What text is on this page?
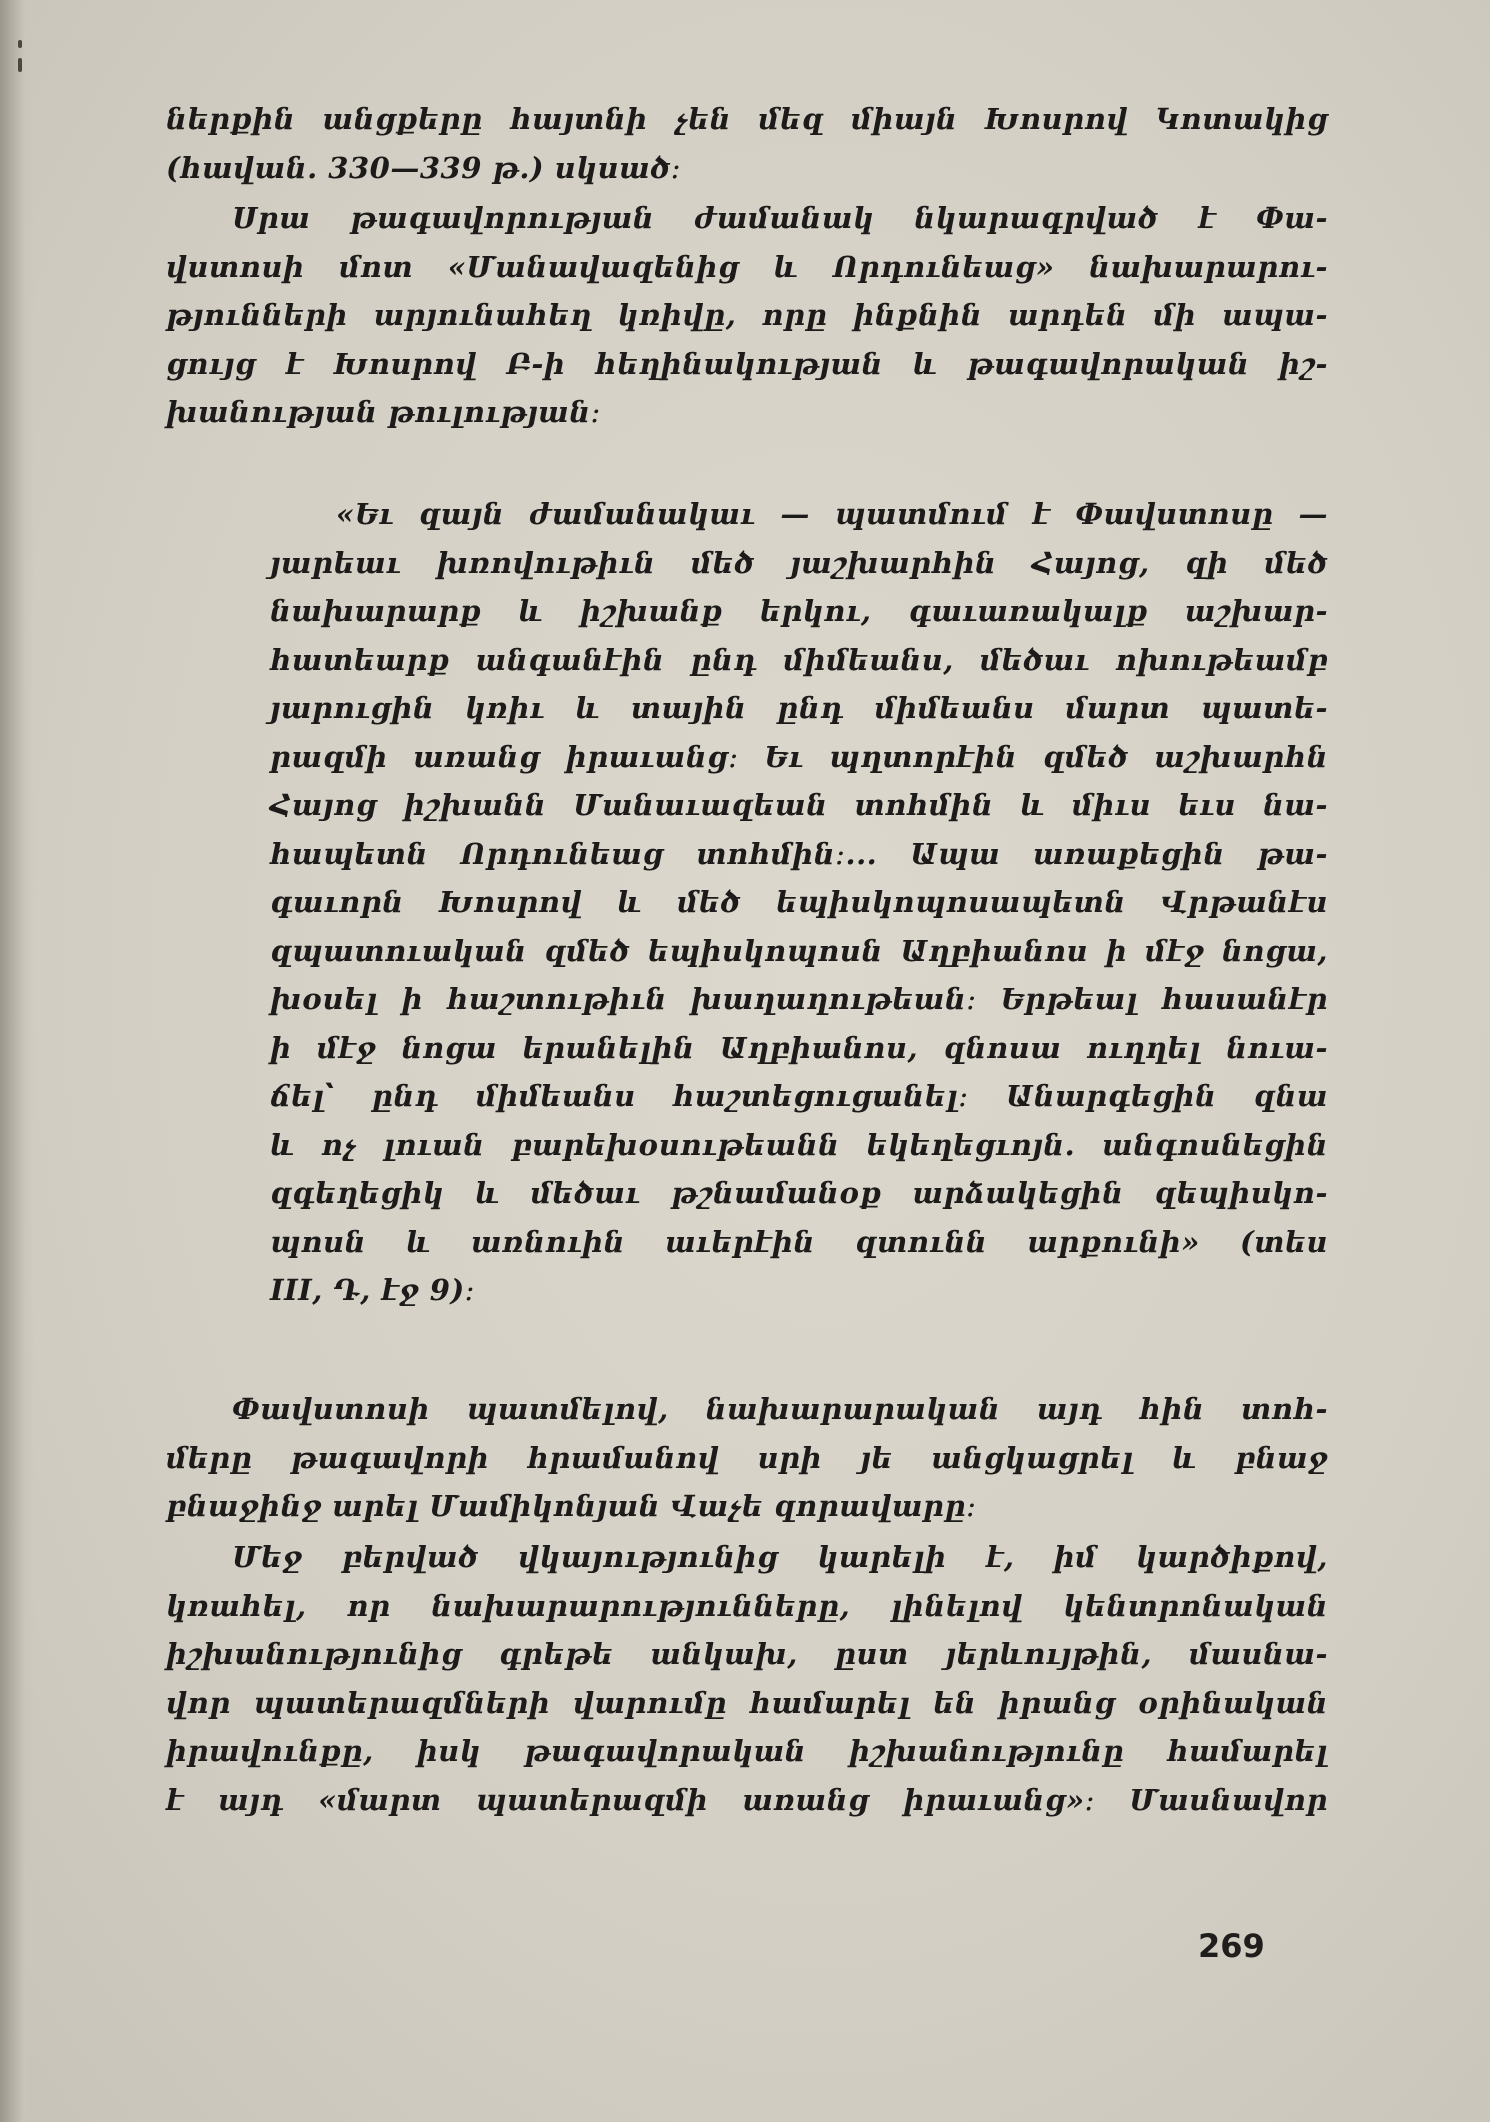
ներքին անցքերը հայտնի չեն մեզ միայն Խոսրով Կոտակից

(հավան. 330—339 թ.) սկսած։

Սրա թագավորության ժամանակ նկարագրված է Փա-

վստոսի մոտ «Մանավազենից և Որդունեաց» նախարարու-

թյունների արյունահեղ կռիվը, որը ինքնին արդեն մի ապա-

ցույց է Խոսրով Բ-ի հեղինակության և թագավորական իշ-

խանության թուլության։

«Եւ զայն ժամանակաւ — պատմում է Փավստոսը —

յարեաւ խռովութիւն մեծ յաշխարհին Հայոց, զի մեծ

նախարարք և իշխանք երկու, գաւառակալք աշխար-

հատեարք անգանէին ընդ միմեանս, մեծաւ ոխութեամբ

յարուցին կռիւ և տային ընդ միմեանս մարտ պատե-

րազմի առանց իրաւանց։ Եւ պղտորէին զմեծ աշխարհն

Հայոց իշխանն Մանաւազեան տոհմին և միւս եւս նա-

հապետն Որդունեաց տոհմին։... Ապա առաքեցին թա-

գաւորն Խոսրով և մեծ եպիսկոպոսապետն Վրթանէս

զպատուական զմեծ եպիսկոպոսն Աղբիանոս ի մէջ նոցա,

խօսել ի հաշտութիւն խաղաղութեան։ Երթեալ հասանէր

ի մէջ նոցա երանելին Աղբիանոս, զնոսա ուղղել նուա-

ճել՝ ընդ միմեանս հաշտեցուցանել։ Անարգեցին զնա

և ոչ լուան բարեխօսութեանն եկեղեցւոյն. անգոսնեցին

զգեղեցիկ և մեծաւ թշնամանօք արձակեցին զեպիսկո-

պոսն և առնուին աւերէին զտունն արքունի» (տես

III, Դ, էջ 9)։

Փավստոսի պատմելով, նախարարական այդ հին տոհ-

մերը թագավորի հրամանով սրի յե անցկացրել և բնաջ

բնաջինջ արել Մամիկոնյան Վաչե զորավարը։

Մեջ բերված վկայությունից կարելի է, իմ կարծիքով,

կռահել, որ նախարարությունները, լինելով կենտրոնական

իշխանությունից գրեթե անկախ, ըստ յերևույթին, մասնա-

վոր պատերազմների վարումը համարել են իրանց օրինական

իրավունքը, իսկ թագավորական իշխանությունը համարել

է այդ «մարտ պատերազմի առանց իրաւանց»։ Մասնավոր

269
